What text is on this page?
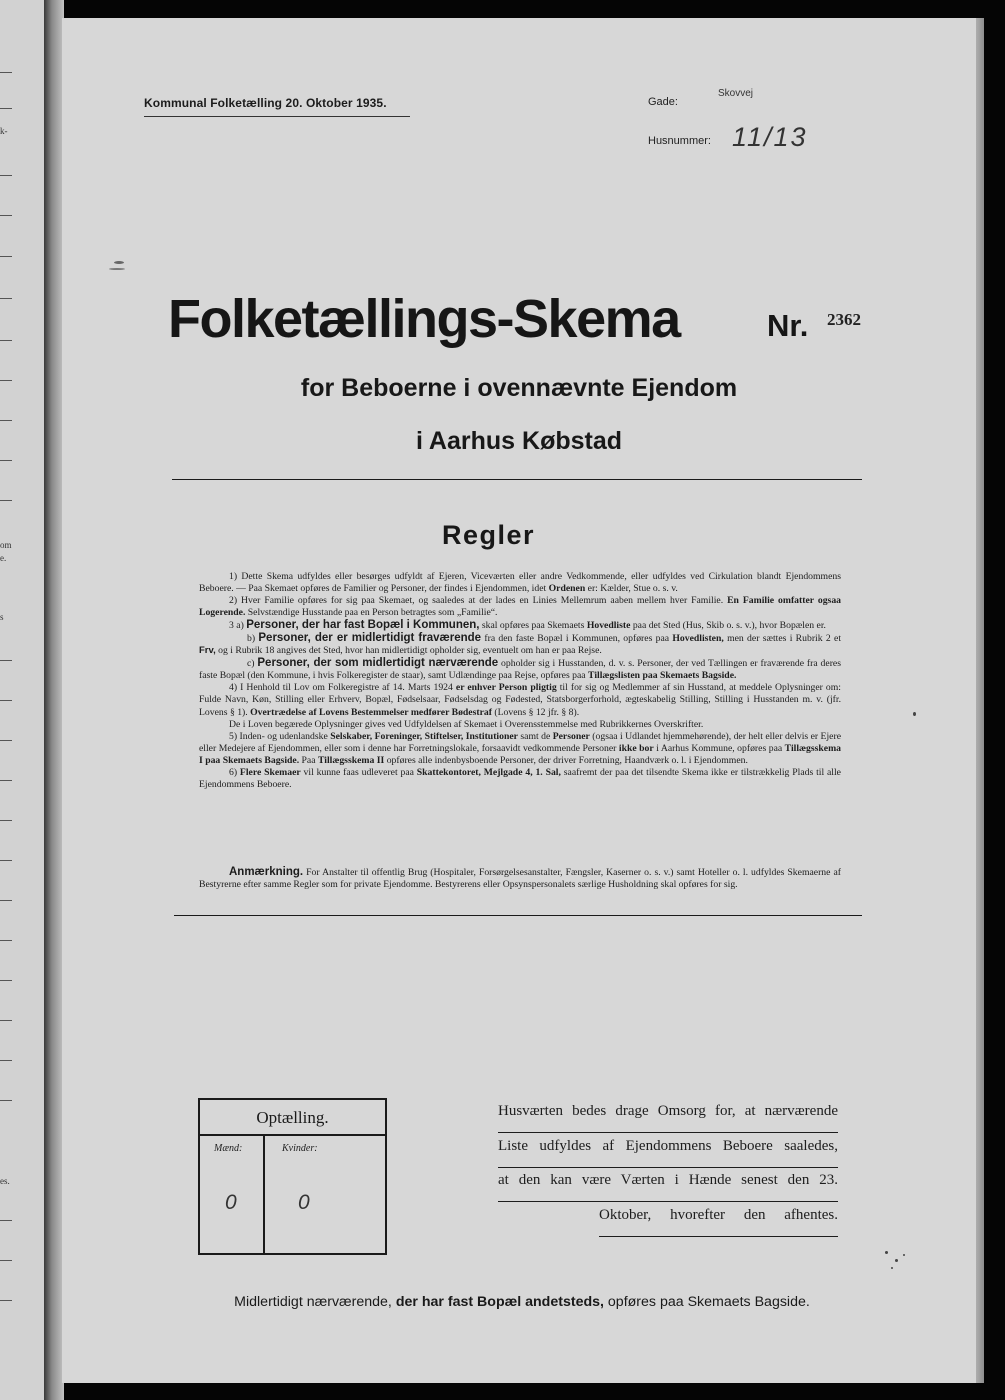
k-
om
e.
s
es.
Kommunal Folketælling 20. Oktober 1935.	Gade:
Skovvej
Husnummer: 11/13
Folketællings-Skema	Nr. 2362
for Beboerne i ovennævnte Ejendom
i Aarhus Købstad
Regler

1) Dette Skema udfyldes eller besørges udfyldt af Ejeren, Viceværten eller andre Vedkommende, eller udfyldes ved Cirkulation blandt Ejendommens Beboere. — Paa Skemaet opføres de Familier og Personer, der findes i Ejendommen, idet Ordenen er: Kælder, Stue o. s. v.

2) Hver Familie opføres for sig paa Skemaet, og saaledes at der lades en Linies Mellemrum aaben mellem hver Familie. En Familie omfatter ogsaa Logerende. Selvstændige Husstande paa en Person betragtes som „Familie“.

3 a) Personer, der har fast Bopæl i Kommunen, skal opføres paa Skemaets Hovedliste paa det Sted (Hus, Skib o. s. v.), hvor Bopælen er.

b) Personer, der er midlertidigt fraværende fra den faste Bopæl i Kommunen, opføres paa Hovedlisten, men der sættes i Rubrik 2 et Frv, og i Rubrik 18 angives det Sted, hvor han midlertidigt opholder sig, eventuelt om han er paa Rejse.

c) Personer, der som midlertidigt nærværende opholder sig i Husstanden, d. v. s. Personer, der ved Tællingen er fraværende fra deres faste Bopæl (den Kommune, i hvis Folkeregister de staar), samt Udlændinge paa Rejse, opføres paa Tillægslisten paa Skemaets Bagside.

4) I Henhold til Lov om Folkeregistre af 14. Marts 1924 er enhver Person pligtig til for sig og Medlemmer af sin Husstand, at meddele Oplysninger om: Fulde Navn, Køn, Stilling eller Erhverv, Bopæl, Fødselsaar, Fødselsdag og Fødested, Statsborgerforhold, ægteskabelig Stilling, Stilling i Husstanden m. v. (jfr. Lovens § 1). Overtrædelse af Lovens Bestemmelser medfører Bødestraf (Lovens § 12 jfr. § 8).

De i Loven begærede Oplysninger gives ved Udfyldelsen af Skemaet i Overensstemmelse med Rubrikkernes Overskrifter.

5) Inden- og udenlandske Selskaber, Foreninger, Stiftelser, Institutioner samt de Personer (ogsaa i Udlandet hjemmehørende), der helt eller delvis er Ejere eller Medejere af Ejendommen, eller som i denne har Forretningslokale, forsaavidt vedkommende Personer ikke bor i Aarhus Kommune, opføres paa Tillægsskema I paa Skemaets Bagside. Paa Tillægsskema II opføres alle indenbysboende Personer, der driver Forretning, Haandværk o. l. i Ejendommen.

6) Flere Skemaer vil kunne faas udleveret paa Skattekontoret, Mejlgade 4, 1. Sal, saafremt der paa det tilsendte Skema ikke er tilstrækkelig Plads til alle Ejendommens Beboere.

Anmærkning. For Anstalter til offentlig Brug (Hospitaler, Forsørgelsesanstalter, Fængsler, Kaserner o. s. v.) samt Hoteller o. l. udfyldes Skemaerne af Bestyrerne efter samme Regler som for private Ejendomme. Bestyrerens eller Opsynspersonalets særlige Husholdning skal opføres for sig.

Optælling.
Mænd:	Kvinder:
0	0
Husværten bedes drage Omsorg for, at nærværende
Liste udfyldes af Ejendommens Beboere saaledes,
at den kan være Værten i Hænde senest den 23.
Oktober, hvorefter den afhentes.
Midlertidigt nærværende, der har fast Bopæl andetsteds, opføres paa Skemaets Bagside.
